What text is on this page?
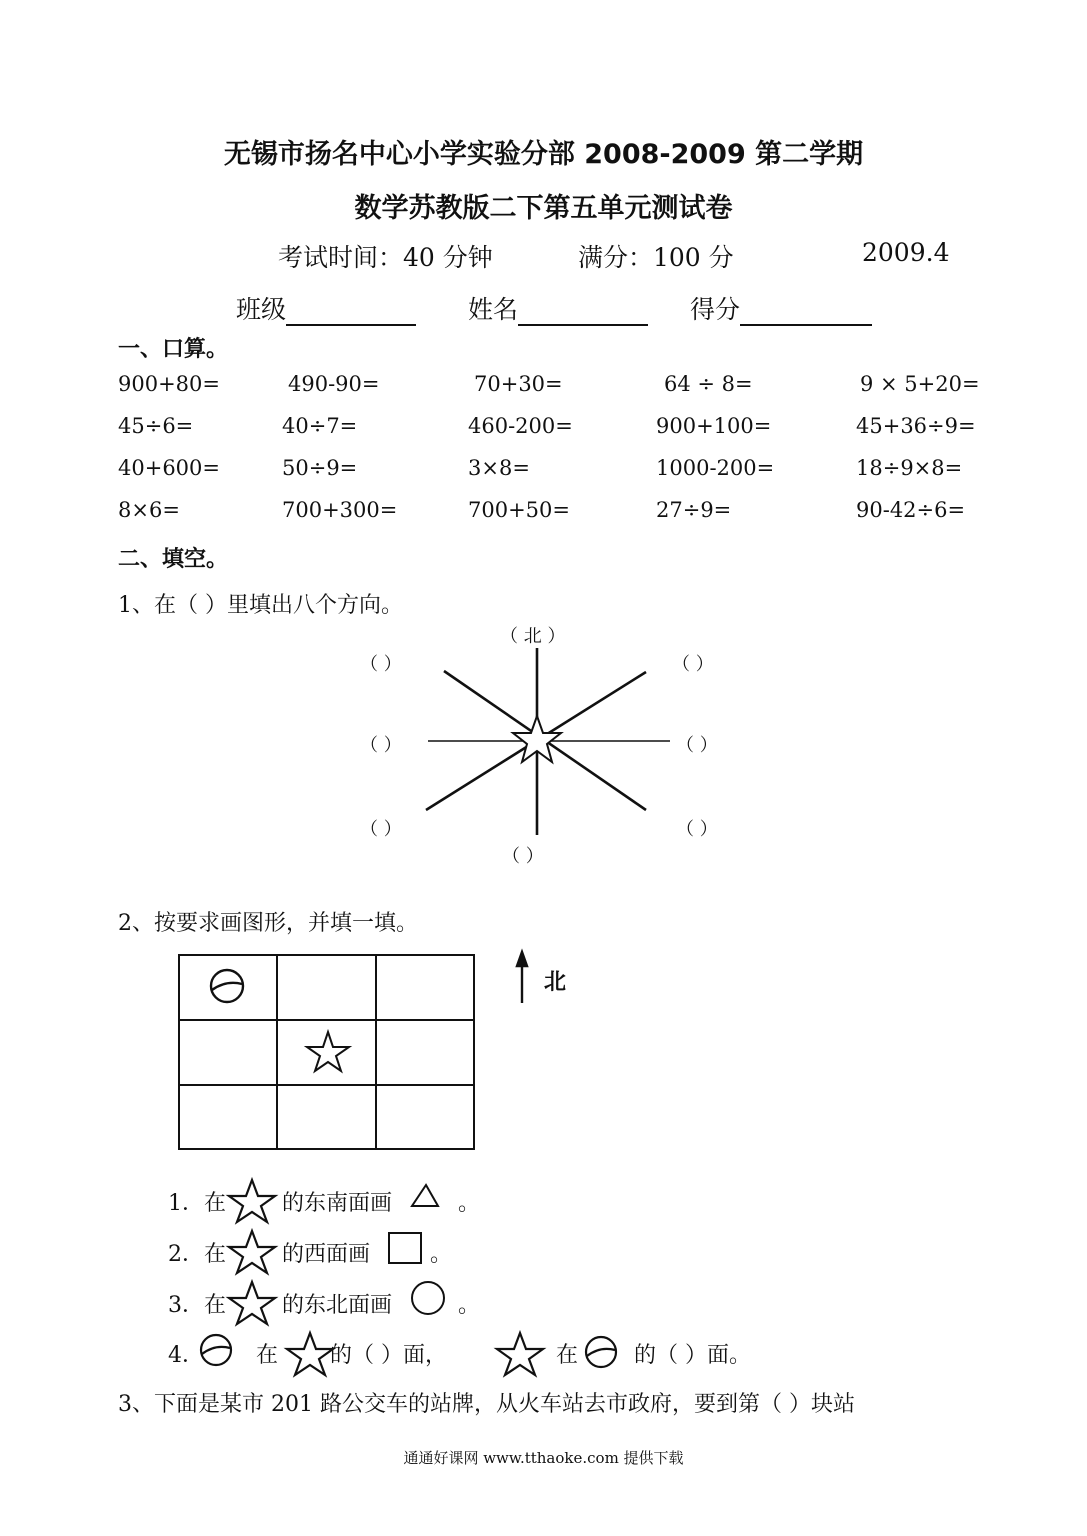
无锡市扬名中心小学实验分部 2008-2009 第二学期
数学苏教版二下第五单元测试卷
考试时间：40 分钟	满分：100 分	2009.4
班级	姓名	得分
一、口算。
900+80=	490-90=	70+30=	64 ÷ 8=	9 × 5+20=
45÷6=	40÷7=	460-200=	900+100=	45+36÷9=
40+600=	50÷9=	3×8=	1000-200=	18÷9×8=
8×6=	700+300=	700+50=	27÷9=	90-42÷6=
二、填空。
1、在（ ）里填出八个方向。
（ 北 ）
（ ）	（ ）
（ ）	（ ）
（ ）	（ ）
（ ）
2、按要求画图形，并填一填。
北
1．在	的东南面画	。
2．在	的西面画	。
3．在	的东北面画	。
4． 在 的（ ）面，	在	的（ ）面。
3、下面是某市 201 路公交车的站牌，从火车站去市政府，要到第（ ）块站
通通好课网 www.tthaoke.com 提供下载
